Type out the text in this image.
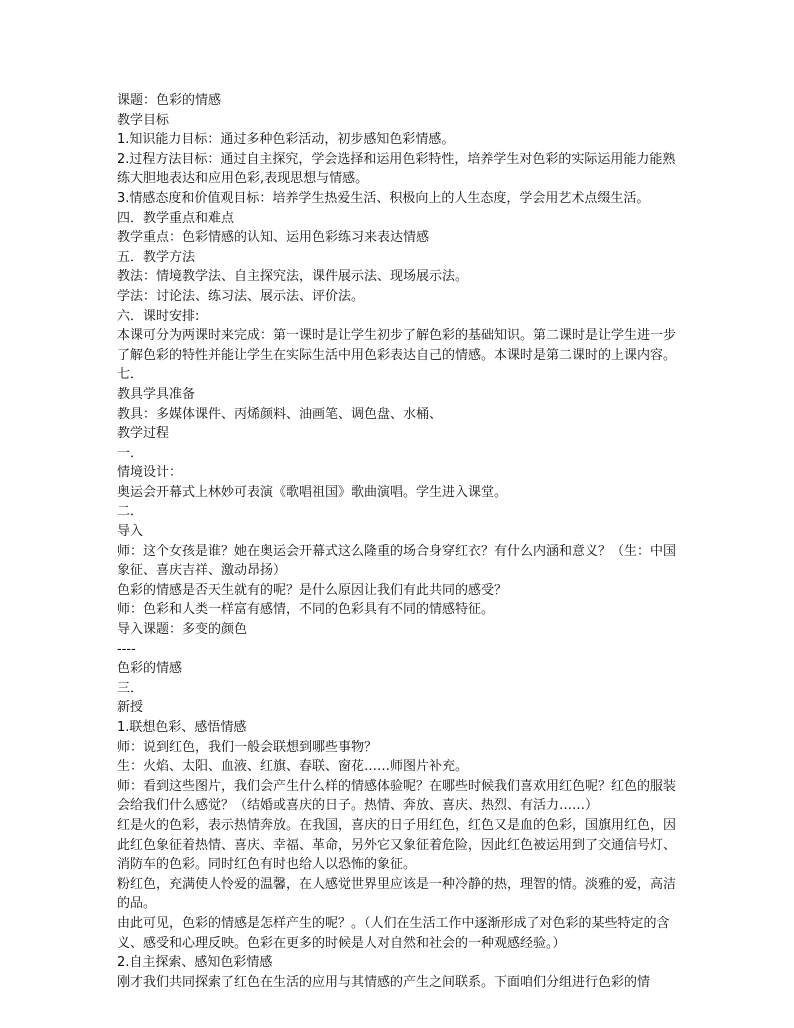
课题：色彩的情感

教学目标

1.知识能力目标：通过多种色彩活动，初步感知色彩情感。

2.过程方法目标：通过自主探究，学会选择和运用色彩特性，培养学生对色彩的实际运用能力能熟练大胆地表达和应用色彩,表现思想与情感。

3.情感态度和价值观目标：培养学生热爱生活、积极向上的人生态度，学会用艺术点缀生活。

四．教学重点和难点

教学重点：色彩情感的认知、运用色彩练习来表达情感

五．教学方法

教法：情境教学法、自主探究法，课件展示法、现场展示法。

学法：讨论法、练习法、展示法、评价法。

六．课时安排:

本课可分为两课时来完成：第一课时是让学生初步了解色彩的基础知识。第二课时是让学生进一步了解色彩的特性并能让学生在实际生活中用色彩表达自己的情感。本课时是第二课时的上课内容。

七．

教具学具准备

教具：多媒体课件、丙烯颜料、油画笔、调色盘、水桶、

教学过程

一．

情境设计：

奥运会开幕式上林妙可表演《歌唱祖国》歌曲演唱。学生进入课堂。

二．

导入

师：这个女孩是谁？她在奥运会开幕式这么隆重的场合身穿红衣？有什么内涵和意义？（生：中国象征、喜庆吉祥、激动昂扬）

色彩的情感是否天生就有的呢？是什么原因让我们有此共同的感受？

师：色彩和人类一样富有感情，不同的色彩具有不同的情感特征。

导入课题：多变的颜色

----

色彩的情感

三．

新授

1.联想色彩、感悟情感

师：说到红色，我们一般会联想到哪些事物？

生：火焰、太阳、血液、红旗、春联、窗花……师图片补充。

师：看到这些图片，我们会产生什么样的情感体验呢？在哪些时候我们喜欢用红色呢？红色的服装会给我们什么感觉？（结婚或喜庆的日子。热情、奔放、喜庆、热烈、有活力……）

红是火的色彩，表示热情奔放。在我国，喜庆的日子用红色，红色又是血的色彩，国旗用红色，因此红色象征着热情、喜庆、幸福、革命，另外它又象征着危险，因此红色被运用到了交通信号灯、消防车的色彩。同时红色有时也给人以恐怖的象征。

粉红色，充满使人怜爱的温馨，在人感觉世界里应该是一种冷静的热，理智的情。淡雅的爱，高洁的品。

由此可见，色彩的情感是怎样产生的呢？。（人们在生活工作中逐渐形成了对色彩的某些特定的含义、感受和心理反映。色彩在更多的时候是人对自然和社会的一种观感经验。）

2.自主探索、感知色彩情感

刚才我们共同探索了红色在生活的应用与其情感的产生之间联系。下面咱们分组进行色彩的情
